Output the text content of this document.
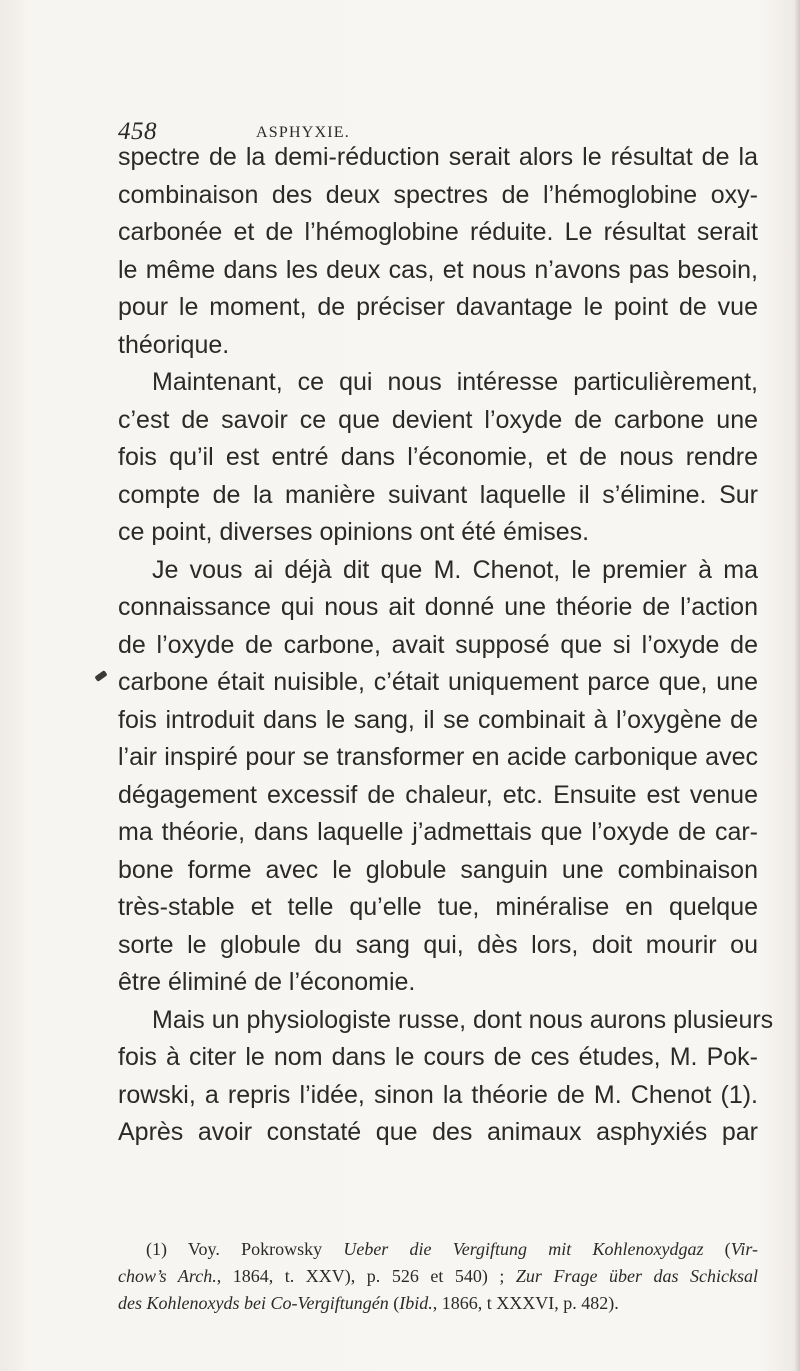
458	ASPHYXIE.
spectre de la demi-réduction serait alors le résultat de la
combinaison des deux spectres de l’hémoglobine oxy-
carbonée et de l’hémoglobine réduite. Le résultat serait
le même dans les deux cas, et nous n’avons pas besoin,
pour le moment, de préciser davantage le point de vue
théorique.
Maintenant, ce qui nous intéresse particulièrement,
c’est de savoir ce que devient l’oxyde de carbone une
fois qu’il est entré dans l’économie, et de nous rendre
compte de la manière suivant laquelle il s’élimine. Sur
ce point, diverses opinions ont été émises.
Je vous ai déjà dit que M. Chenot, le premier à ma
connaissance qui nous ait donné une théorie de l’action
de l’oxyde de carbone, avait supposé que si l’oxyde de
carbone était nuisible, c’était uniquement parce que, une
fois introduit dans le sang, il se combinait à l’oxygène de
l’air inspiré pour se transformer en acide carbonique avec
dégagement excessif de chaleur, etc. Ensuite est venue
ma théorie, dans laquelle j’admettais que l’oxyde de car-
bone forme avec le globule sanguin une combinaison
très-stable et telle qu’elle tue, minéralise en quelque
sorte le globule du sang qui, dès lors, doit mourir ou
être éliminé de l’économie.
Mais un physiologiste russe, dont nous aurons plusieurs
fois à citer le nom dans le cours de ces études, M. Pok-
rowski, a repris l’idée, sinon la théorie de M. Chenot (1).
Après avoir constaté que des animaux asphyxiés par
(1) Voy. Pokrowsky Ueber die Vergiftung mit Kohlenoxydgaz (Vir-
chow’s Arch., 1864, t. XXV), p. 526 et 540) ; Zur Frage über das Schicksal
des Kohlenoxyds bei Co-Vergiftungén (Ibid., 1866, t XXXVI, p. 482).
